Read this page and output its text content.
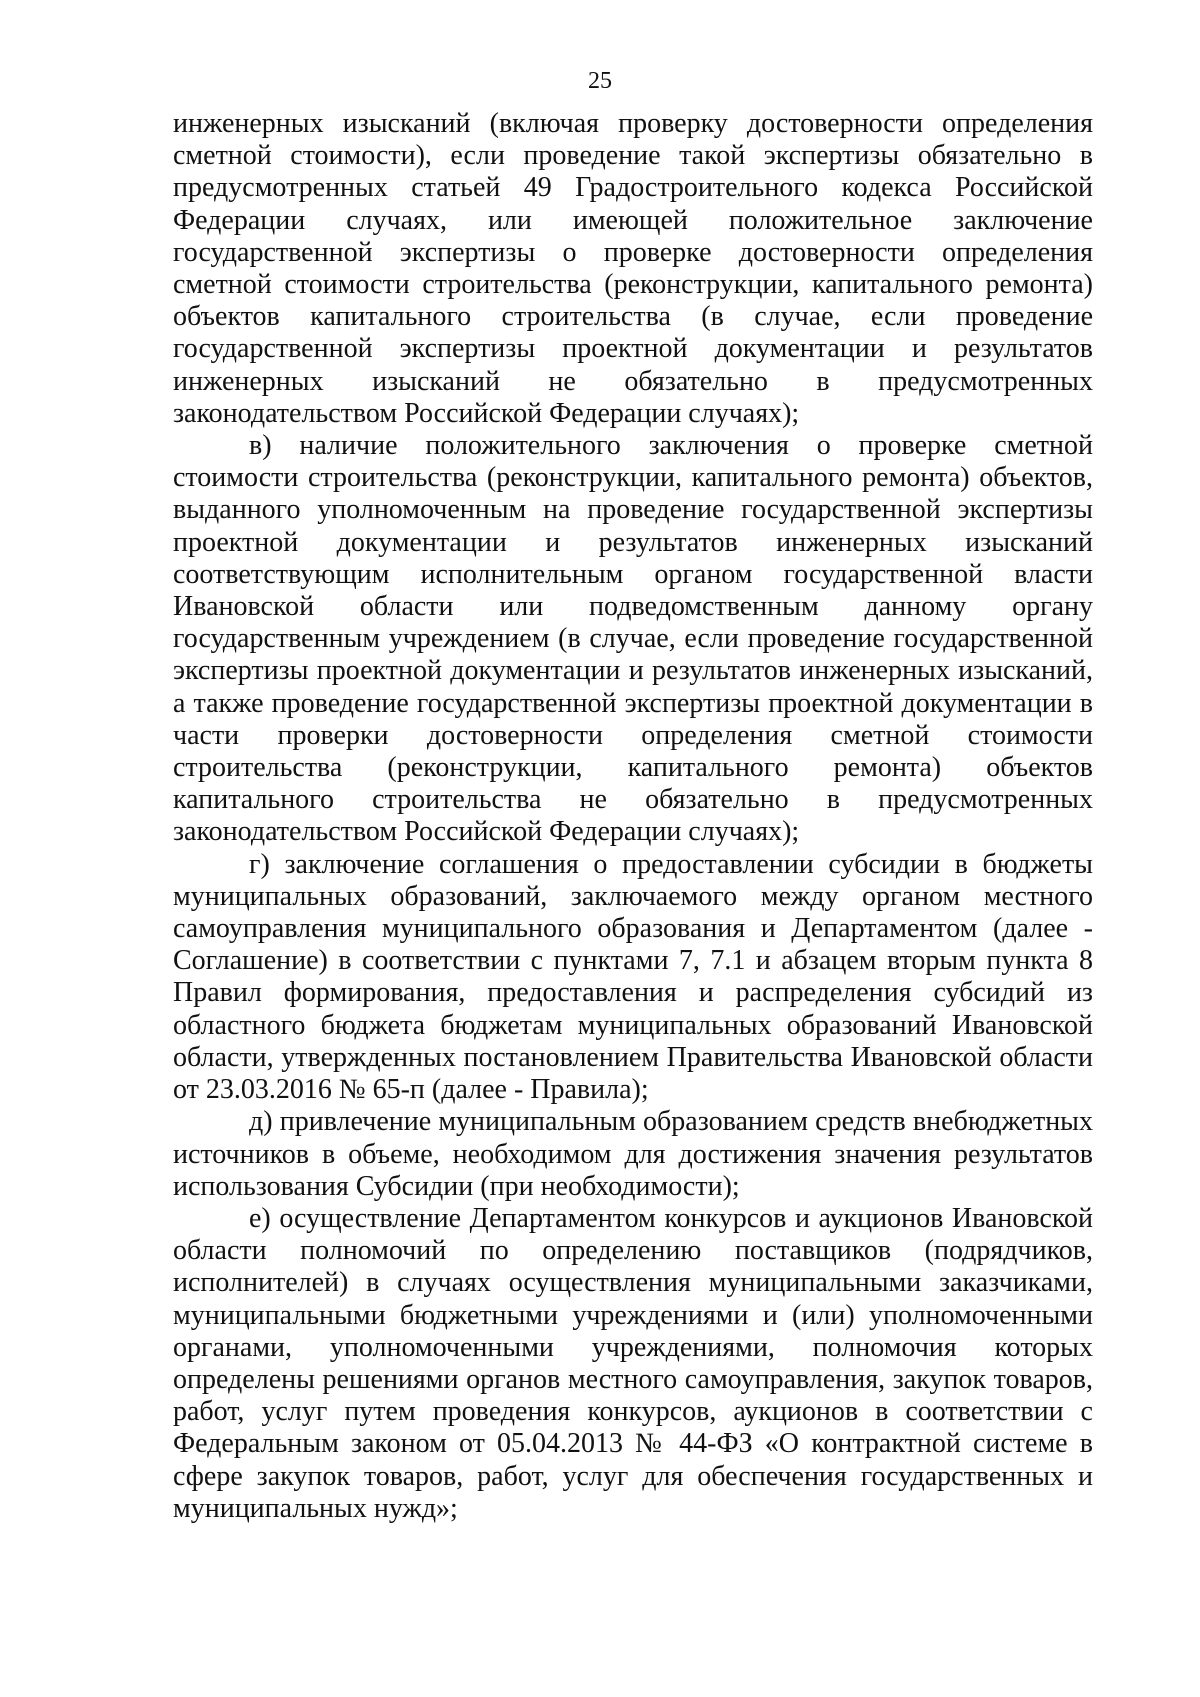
25

инженерных изысканий (включая проверку достоверности определения сметной стоимости), если проведение такой экспертизы обязательно в предусмотренных статьей 49 Градостроительного кодекса Российской Федерации случаях, или имеющей положительное заключение государственной экспертизы о проверке достоверности определения сметной стоимости строительства (реконструкции, капитального ремонта) объектов капитального строительства (в случае, если проведение государственной экспертизы проектной документации и результатов инженерных изысканий не обязательно в предусмотренных законодательством Российской Федерации случаях);

в) наличие положительного заключения о проверке сметной стоимости строительства (реконструкции, капитального ремонта) объектов, выданного уполномоченным на проведение государственной экспертизы проектной документации и результатов инженерных изысканий соответствующим исполнительным органом государственной власти Ивановской области или подведомственным данному органу государственным учреждением (в случае, если проведение государственной экспертизы проектной документации и результатов инженерных изысканий, а также проведение государственной экспертизы проектной документации в части проверки достоверности определения сметной стоимости строительства (реконструкции, капитального ремонта) объектов капитального строительства не обязательно в предусмотренных законодательством Российской Федерации случаях);

г) заключение соглашения о предоставлении субсидии в бюджеты муниципальных образований, заключаемого между органом местного самоуправления муниципального образования и Департаментом (далее - Соглашение) в соответствии с пунктами 7, 7.1 и абзацем вторым пункта 8 Правил формирования, предоставления и распределения субсидий из областного бюджета бюджетам муниципальных образований Ивановской области, утвержденных постановлением Правительства Ивановской области от 23.03.2016 № 65-п (далее - Правила);

д) привлечение муниципальным образованием средств внебюджетных источников в объеме, необходимом для достижения значения результатов использования Субсидии (при необходимости);

е) осуществление Департаментом конкурсов и аукционов Ивановской области полномочий по определению поставщиков (подрядчиков, исполнителей) в случаях осуществления муниципальными заказчиками, муниципальными бюджетными учреждениями и (или) уполномоченными органами, уполномоченными учреждениями, полномочия которых определены решениями органов местного самоуправления, закупок товаров, работ, услуг путем проведения конкурсов, аукционов в соответствии с Федеральным законом от 05.04.2013 № 44-ФЗ «О контрактной системе в сфере закупок товаров, работ, услуг для обеспечения государственных и муниципальных нужд»;
